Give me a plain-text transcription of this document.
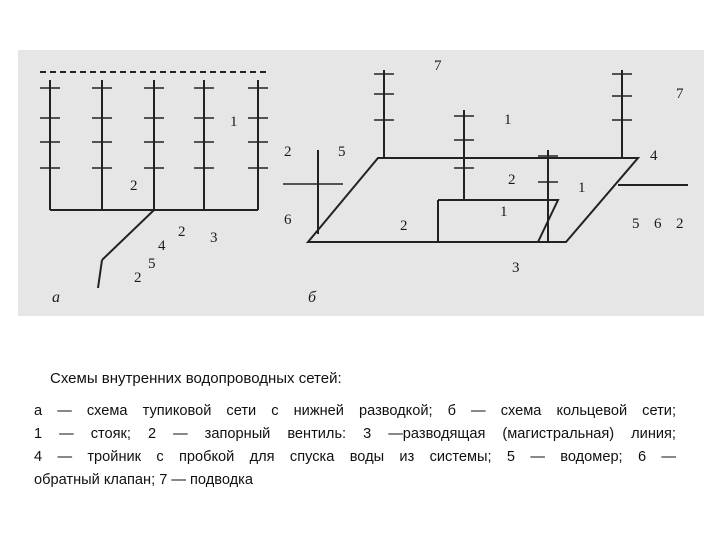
а	б
1
2
2 3
4
5
2
7
7
1
2	5
6
2	1
2
4
1
5 6 2
3
Схемы внутренних водопроводных сетей:
а — схема тупиковой сети с нижней разводкой; б — схема кольцевой сети;
1 — стояк; 2 — запорный вентиль: 3 —разводящая (магистральная) линия;
4 — тройник с пробкой для спуска воды из системы; 5 — водомер; 6 —
обратный клапан; 7 — подводка
